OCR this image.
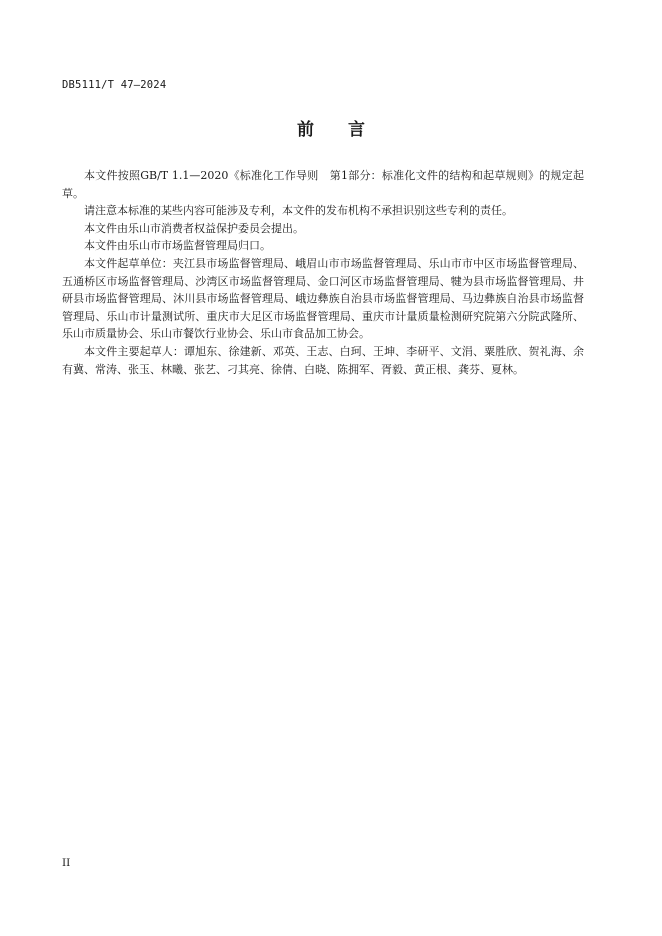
DB5111/T 47—2024

前 言

本文件按照GB/T 1.1—2020《标准化工作导则　第1部分：标准化文件的结构和起草规则》的规定起草。

请注意本标准的某些内容可能涉及专利，本文件的发布机构不承担识别这些专利的责任。

本文件由乐山市消费者权益保护委员会提出。

本文件由乐山市市场监督管理局归口。

本文件起草单位：夹江县市场监督管理局、峨眉山市市场监督管理局、乐山市市中区市场监督管理局、五通桥区市场监督管理局、沙湾区市场监督管理局、金口河区市场监督管理局、犍为县市场监督管理局、井研县市场监督管理局、沐川县市场监督管理局、峨边彝族自治县市场监督管理局、马边彝族自治县市场监督管理局、乐山市计量测试所、重庆市大足区市场监督管理局、重庆市计量质量检测研究院第六分院武隆所、乐山市质量协会、乐山市餐饮行业协会、乐山市食品加工协会。

本文件主要起草人：谭旭东、徐建新、邓英、王志、白珂、王坤、李研平、文涓、粟胜欣、贺礼海、余有冀、常涛、张玉、林曦、张艺、刁其亮、徐倩、白晓、陈拥军、胥毅、黄正根、龚芬、夏林。

II
